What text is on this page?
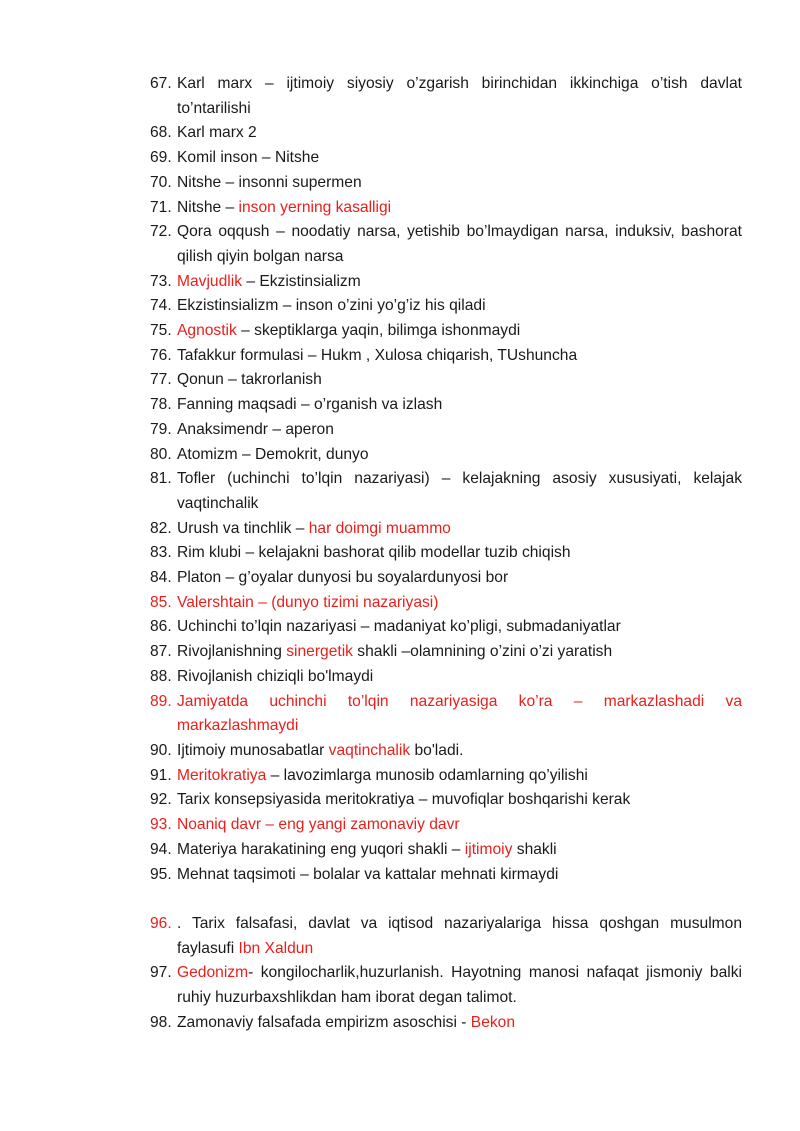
67. Karl marx – ijtimoiy siyosiy o’zgarish birinchidan ikkinchiga o’tish davlat to’ntarilishi
68. Karl marx 2
69. Komil inson – Nitshe
70. Nitshe – insonni supermen
71. Nitshe – inson yerning kasalligi
72. Qora oqqush – noodatiy narsa, yetishib bo’lmaydigan narsa, induksiv, bashorat qilish qiyin bolgan narsa
73. Mavjudlik – Ekzistinsializm
74. Ekzistinsializm – inson o’zini yo’g’iz his qiladi
75. Agnostik – skeptiklarga yaqin, bilimga ishonmaydi
76. Tafakkur formulasi – Hukm , Xulosa chiqarish, TUshuncha
77. Qonun – takrorlanish
78. Fanning maqsadi – o’rganish va izlash
79. Anaksimendr – aperon
80. Atomizm – Demokrit, dunyo
81. Tofler (uchinchi to’lqin nazariyasi) – kelajakning asosiy xususiyati, kelajak vaqtinchalik
82. Urush va tinchlik – har doimgi muammo
83. Rim klubi – kelajakni bashorat qilib modellar tuzib chiqish
84. Platon – g’oyalar dunyosi bu soyalardunyosi bor
85. Valershtain – (dunyo tizimi nazariyasi)
86. Uchinchi to’lqin nazariyasi – madaniyat ko’pligi, submadaniyatlar
87. Rivojlanishning sinergetik shakli –olamnining o’zini o’zi yaratish
88. Rivojlanish chiziqli bo'lmaydi
89. Jamiyatda uchinchi to’lqin nazariyasiga ko’ra – markazlashadi va markazlashmaydi
90. Ijtimoiy munosabatlar vaqtinchalik bo'ladi.
91. Meritokratiya – lavozimlarga munosib odamlarning qo’yilishi
92. Tarix konsepsiyasida meritokratiya – muvofiqlar boshqarishi kerak
93. Noaniq davr – eng yangi zamonaviy davr
94. Materiya harakatining eng yuqori shakli – ijtimoiy shakli
95. Mehnat taqsimoti – bolalar va kattalar mehnati kirmaydi
96. . Tarix falsafasi, davlat va iqtisod nazariyalariga hissa qoshgan musulmon faylasufi Ibn Xaldun
97. Gedonizm- kongilocharlik,huzurlanish. Hayotning manosi nafaqat jismoniy balki ruhiy huzurbaxshlikdan ham iborat degan talimot.
98. Zamonaviy falsafada empirizm asoschisi - Bekon
